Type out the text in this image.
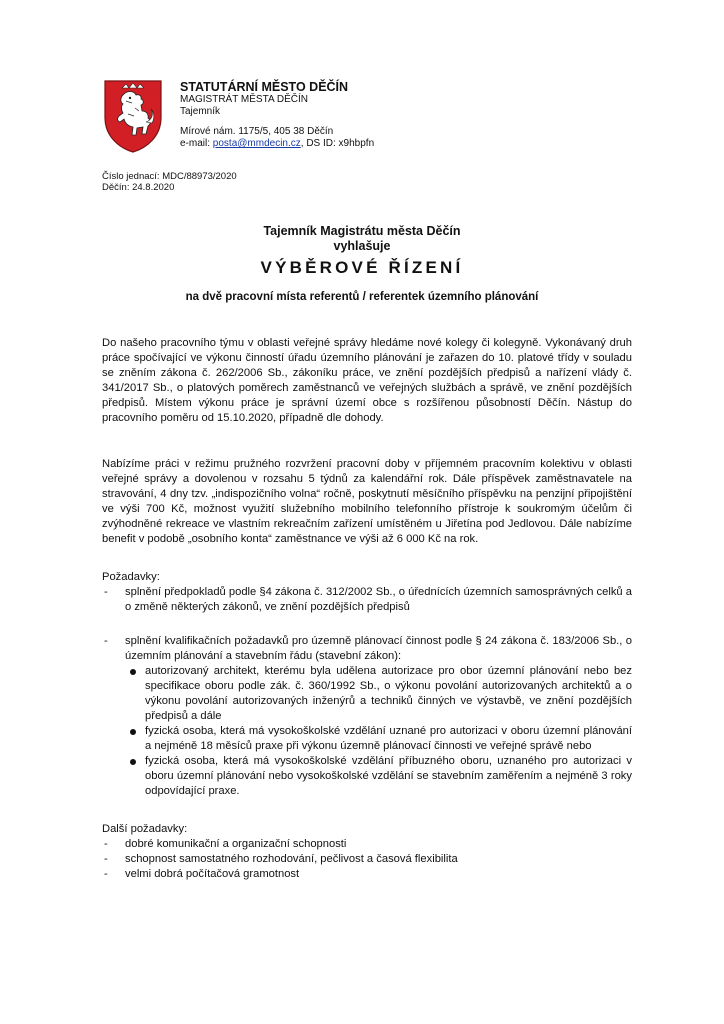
STATUTÁRNÍ MĚSTO DĚČÍN
MAGISTRÁT MĚSTA DĚČÍN
Tajemník
Mírové nám. 1175/5, 405 38 Děčín
e-mail: posta@mmdecin.cz, DS ID: x9hbpfn
Číslo jednací: MDC/88973/2020
Děčín: 24.8.2020
Tajemník Magistrátu města Děčín
vyhlašuje
VÝBĚROVÉ ŘÍZENÍ
na dvě pracovní místa referentů / referentek územního plánování
Do našeho pracovního týmu v oblasti veřejné správy hledáme nové kolegy či kolegyně. Vykonávaný druh práce spočívající ve výkonu činností úřadu územního plánování je zařazen do 10. platové třídy v souladu se zněním zákona č. 262/2006 Sb., zákoníku práce, ve znění pozdějších předpisů a nařízení vlády č. 341/2017 Sb., o platových poměrech zaměstnanců ve veřejných službách a správě, ve znění pozdějších předpisů. Místem výkonu práce je správní území obce s rozšířenou působností Děčín. Nástup do pracovního poměru od 15.10.2020, případně dle dohody.
Nabízíme práci v režimu pružného rozvržení pracovní doby v příjemném pracovním kolektivu v oblasti veřejné správy a dovolenou v rozsahu 5 týdnů za kalendářní rok. Dále příspěvek zaměstnavatele na stravování, 4 dny tzv. „indispozičního volna“ ročně, poskytnutí měsíčního příspěvku na penzijní připojištění ve výši 700 Kč, možnost využití služebního mobilního telefonního přístroje k soukromým účelům či zvýhodněné rekreace ve vlastním rekreačním zařízení umístěném u Jiřetína pod Jedlovou. Dále nabízíme benefit v podobě „osobního konta“ zaměstnance ve výši až 6 000 Kč na rok.
Požadavky:
- splnění předpokladů podle §4 zákona č. 312/2002 Sb., o úřednících územních samosprávných celků a o změně některých zákonů, ve znění pozdějších předpisů
- splnění kvalifikačních požadavků pro územně plánovací činnost podle § 24 zákona č. 183/2006 Sb., o územním plánování a stavebním řádu (stavební zákon):
autorizovaný architekt, kterému byla udělena autorizace pro obor územní plánování nebo bez specifikace oboru podle zák. č. 360/1992 Sb., o výkonu povolání autorizovaných architektů a o výkonu povolání autorizovaných inženýrů a techniků činných ve výstavbě, ve znění pozdějších předpisů a dále
fyzická osoba, která má vysokoškolské vzdělání uznané pro autorizaci v oboru územní plánování a nejméně 18 měsíců praxe při výkonu územně plánovací činnosti ve veřejné správě nebo
fyzická osoba, která má vysokoškolské vzdělání příbuzného oboru, uznaného pro autorizaci v oboru územní plánování nebo vysokoškolské vzdělání se stavebním zaměřením a nejméně 3 roky odpovídající praxe.
Další požadavky:
- dobré komunikační a organizační schopnosti
- schopnost samostatného rozhodování, pečlivost a časová flexibilita
- velmi dobrá počítačová gramotnost
